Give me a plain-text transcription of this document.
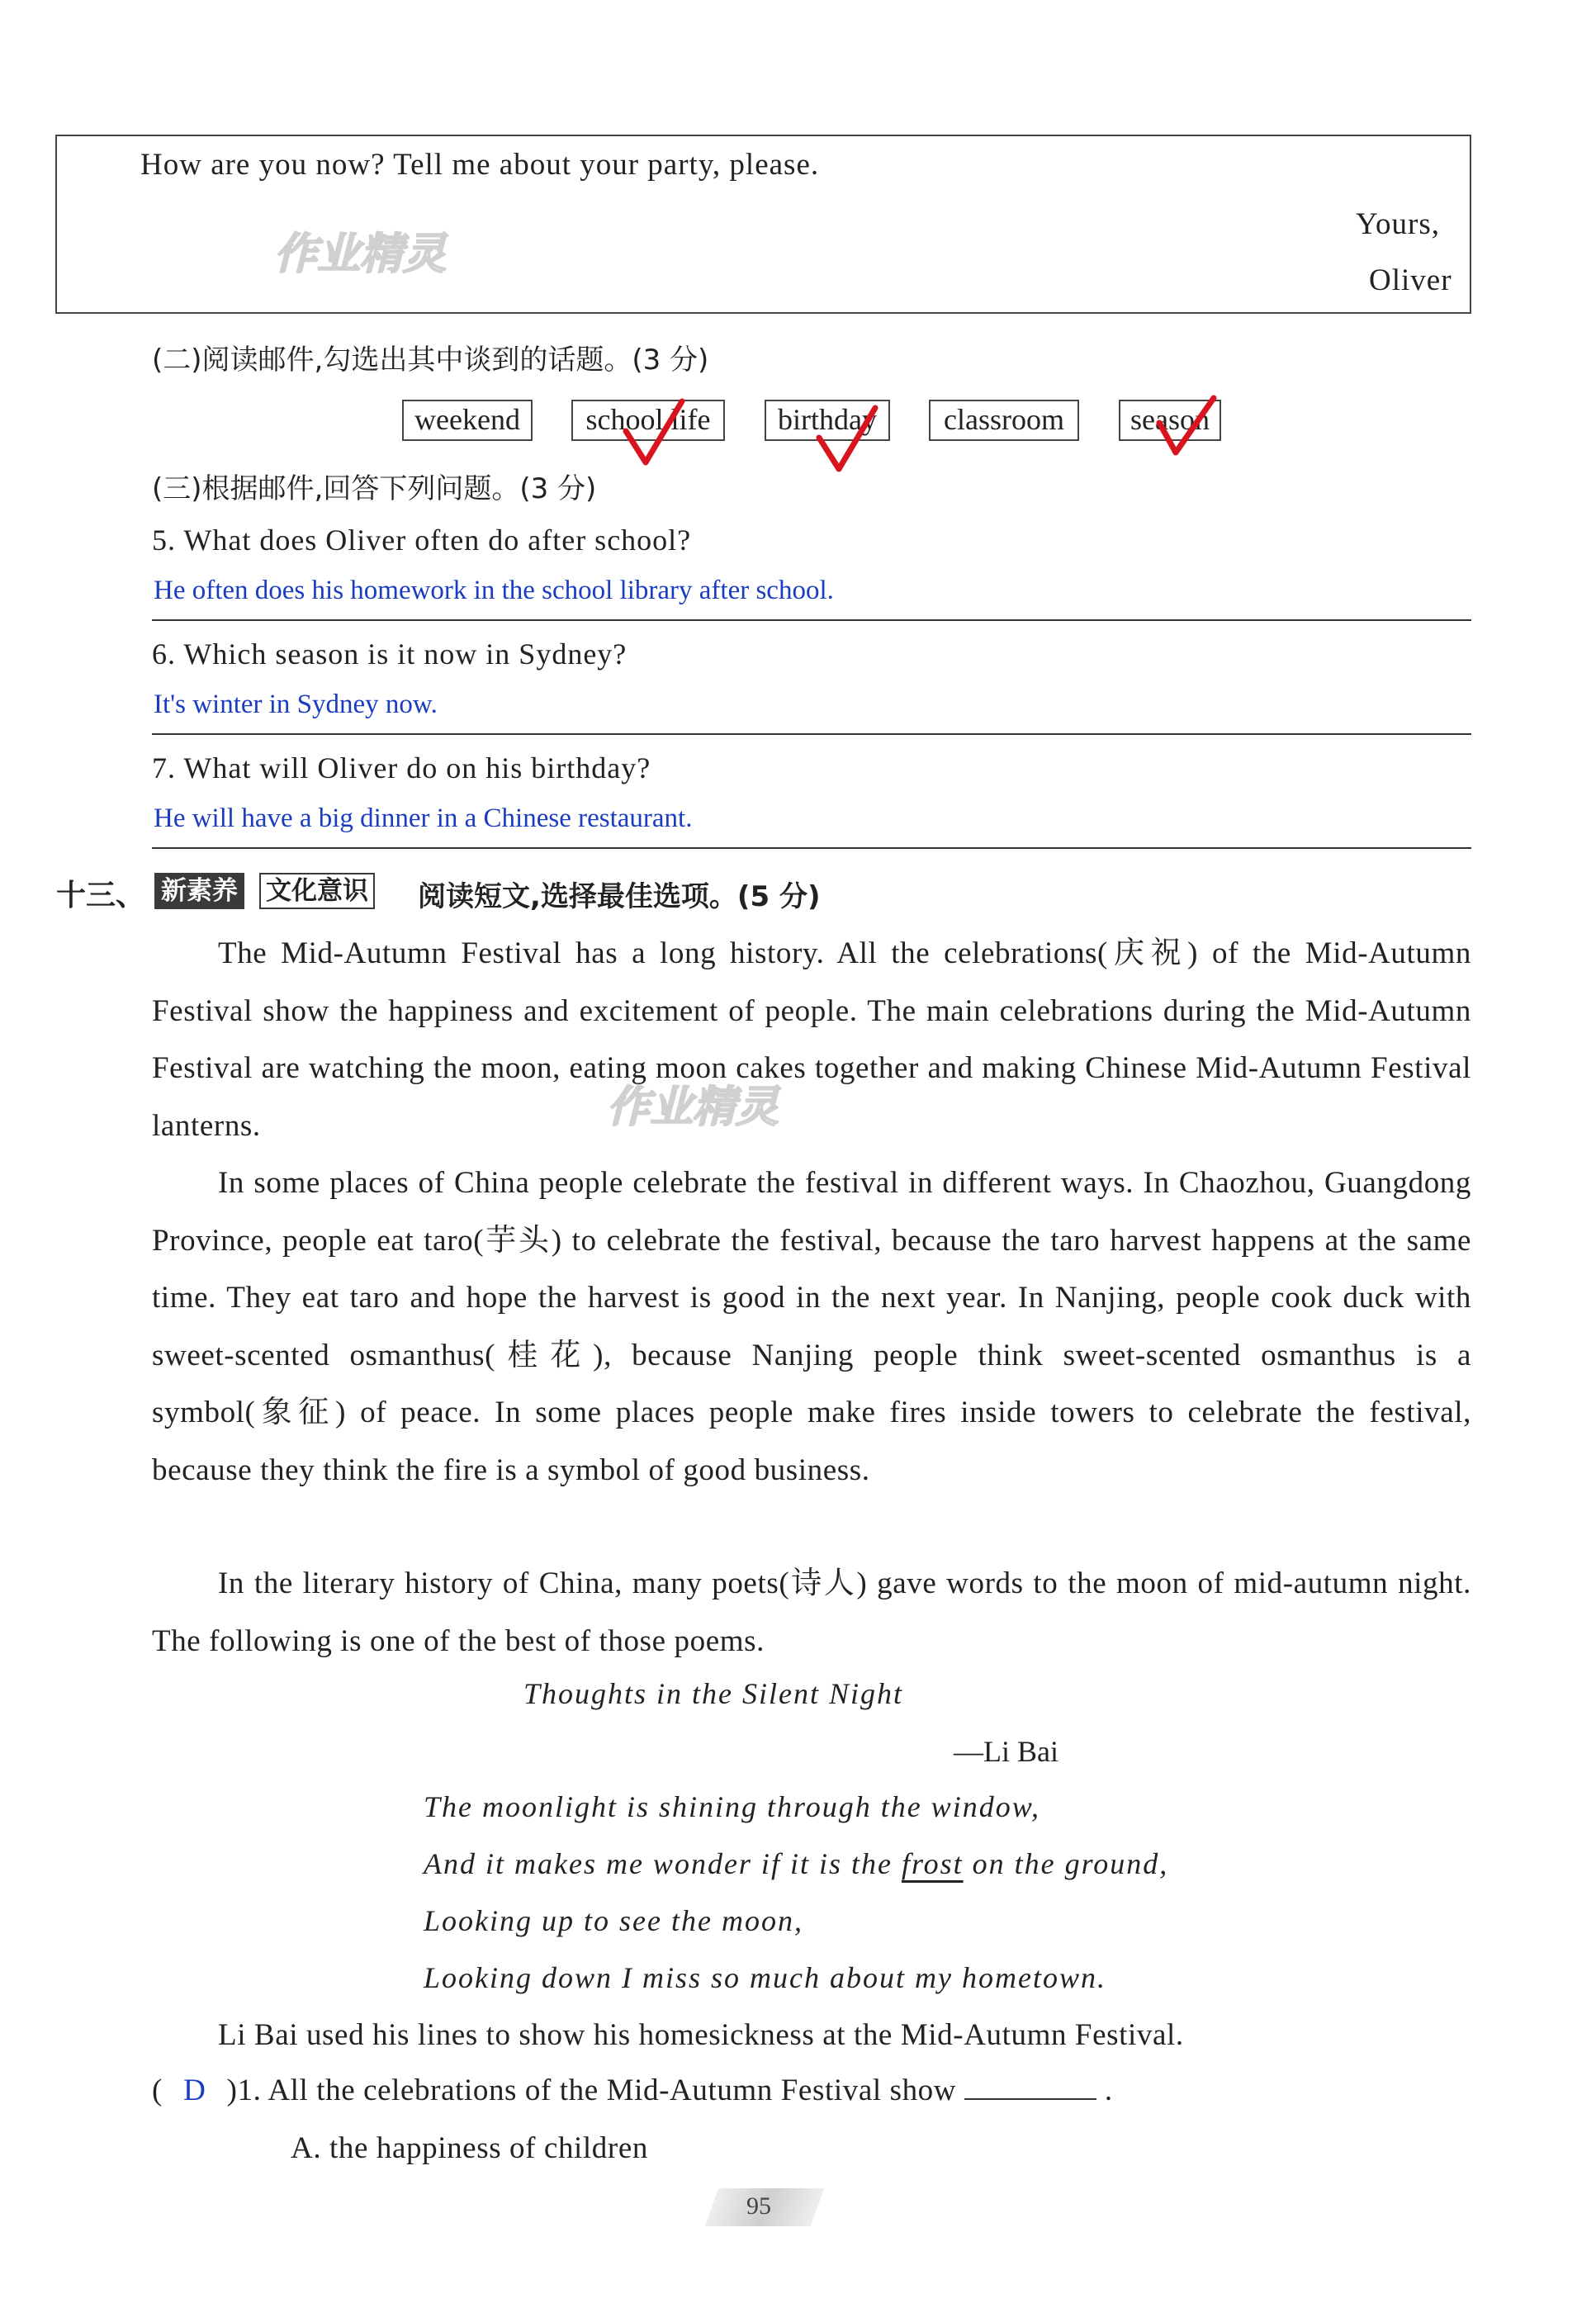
How are you now? Tell me about your party, please.
Yours,
Oliver
作业精灵
(二)阅读邮件,勾选出其中谈到的话题。(3 分)
weekend	school life	birthday	classroom	season
(三)根据邮件,回答下列问题。(3 分)
5. What does Oliver often do after school?
He often does his homework in the school library after school.
6. Which season is it now in Sydney?
It's winter in Sydney now.
7. What will Oliver do on his birthday?
He will have a big dinner in a Chinese restaurant.
十三、 新素养 文化意识 阅读短文,选择最佳选项。(5 分)
The Mid-Autumn Festival has a long history. All the celebrations(庆祝) of the Mid-Autumn Festival show the happiness and excitement of people. The main celebrations during the Mid-Autumn Festival are watching the moon, eating moon cakes together and making Chinese Mid-Autumn Festival lanterns.	作业精灵
In some places of China people celebrate the festival in different ways. In Chaozhou, Guangdong Province, people eat taro(芋头) to celebrate the festival, because the taro harvest happens at the same time. They eat taro and hope the harvest is good in the next year. In Nanjing, people cook duck with sweet-scented osmanthus(桂花), because Nanjing people think sweet-scented osmanthus is a symbol(象征) of peace. In some places people make fires inside towers to celebrate the festival, because they think the fire is a symbol of good business.
In the literary history of China, many poets(诗人) gave words to the moon of mid-autumn night. The following is one of the best of those poems.
Thoughts in the Silent Night
—Li Bai
The moonlight is shining through the window,
And it makes me wonder if it is the frost on the ground,
Looking up to see the moon,
Looking down I miss so much about my hometown.
Li Bai used his lines to show his homesickness at the Mid-Autumn Festival.
( D )1. All the celebrations of the Mid-Autumn Festival show	.
A. the happiness of children
95
